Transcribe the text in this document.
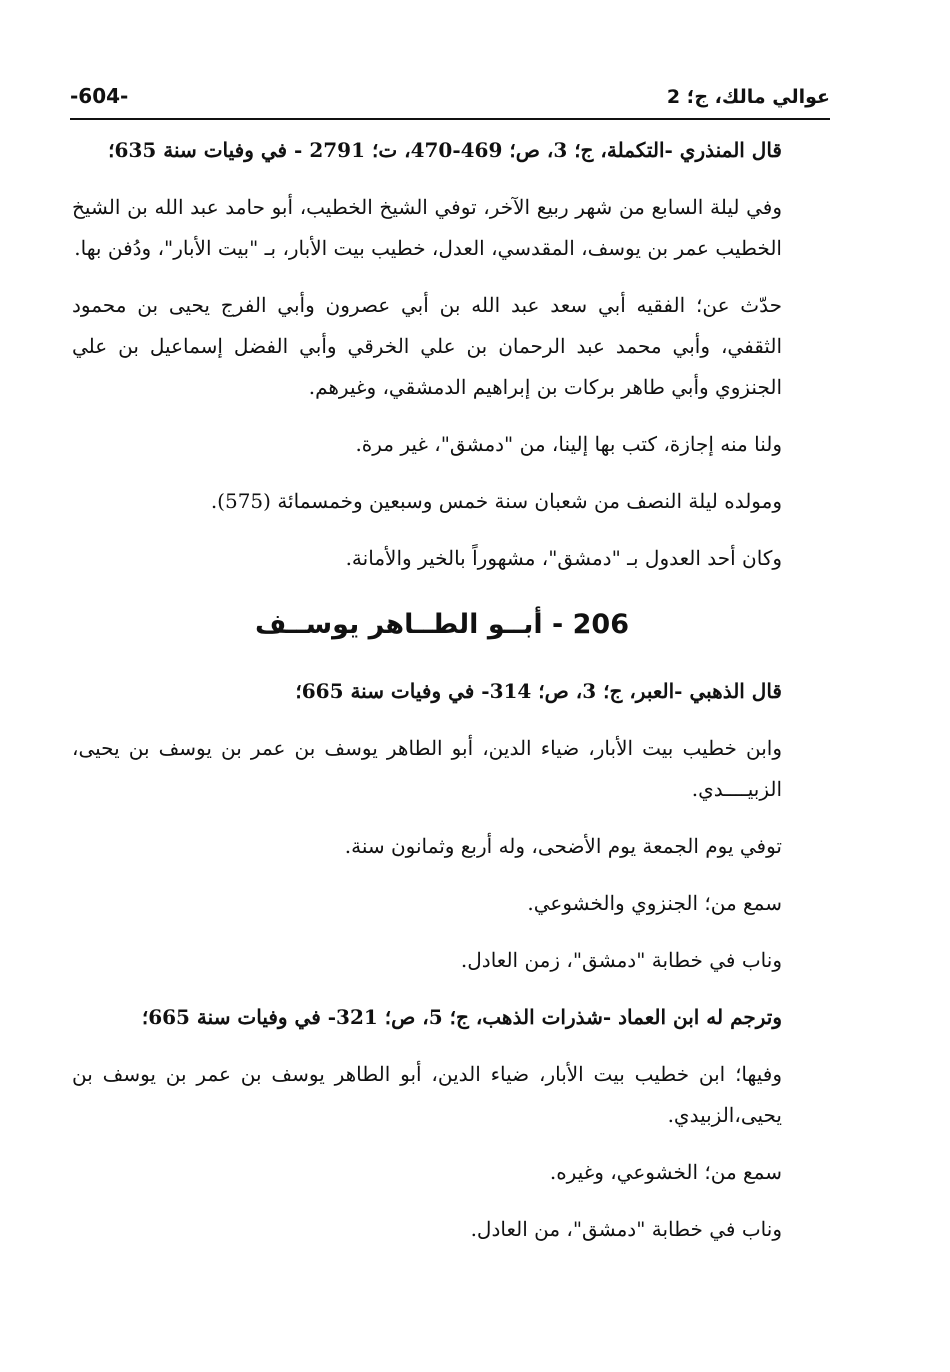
عوالي مالك، ج؛ 2
-604-

قال المنذري -التكملة، ج؛ 3، ص؛ 469-470، ت؛ 2791 - في وفيات سنة 635؛

وفي ليلة السابع من شهر ربيع الآخر، توفي الشيخ الخطيب، أبو حامد عبد الله بن الشيخ الخطيب عمر بن يوسف، المقدسي، العدل، خطيب بيت الأبار، بـ "بيت الأبار"، ودُفن بها.

حدّث عن؛ الفقيه أبي سعد عبد الله بن أبي عصرون وأبي الفرج يحيى بن محمود الثقفي، وأبي محمد عبد الرحمان بن علي الخرقي وأبي الفضل إسماعيل بن علي الجنزوي وأبي طاهر بركات بن إبراهيم الدمشقي، وغيرهم.

ولنا منه إجازة، كتب بها إلينا، من "دمشق"، غير مرة.

ومولده ليلة النصف من شعبان سنة خمس وسبعين وخمسمائة (575).

وكان أحد العدول بـ "دمشق"، مشهوراً بالخير والأمانة.

206 - أبــو الطــاهر يوســف

قال الذهبي -العبر، ج؛ 3، ص؛ 314- في وفيات سنة 665؛

وابن خطيب بيت الأبار، ضياء الدين، أبو الطاهر يوسف بن عمر بن يوسف بن يحيى، الزبيــــدي.

توفي يوم الجمعة يوم الأضحى، وله أربع وثمانون سنة.

سمع من؛ الجنزوي والخشوعي.

وناب في خطابة "دمشق"، زمن العادل.

وترجم له ابن العماد -شذرات الذهب، ج؛ 5، ص؛ 321- في وفيات سنة 665؛

وفيها؛ ابن خطيب بيت الأبار، ضياء الدين، أبو الطاهر يوسف بن عمر بن يوسف بن يحيى،الزبيدي.

سمع من؛ الخشوعي، وغيره.

وناب في خطابة "دمشق"، من العادل.
